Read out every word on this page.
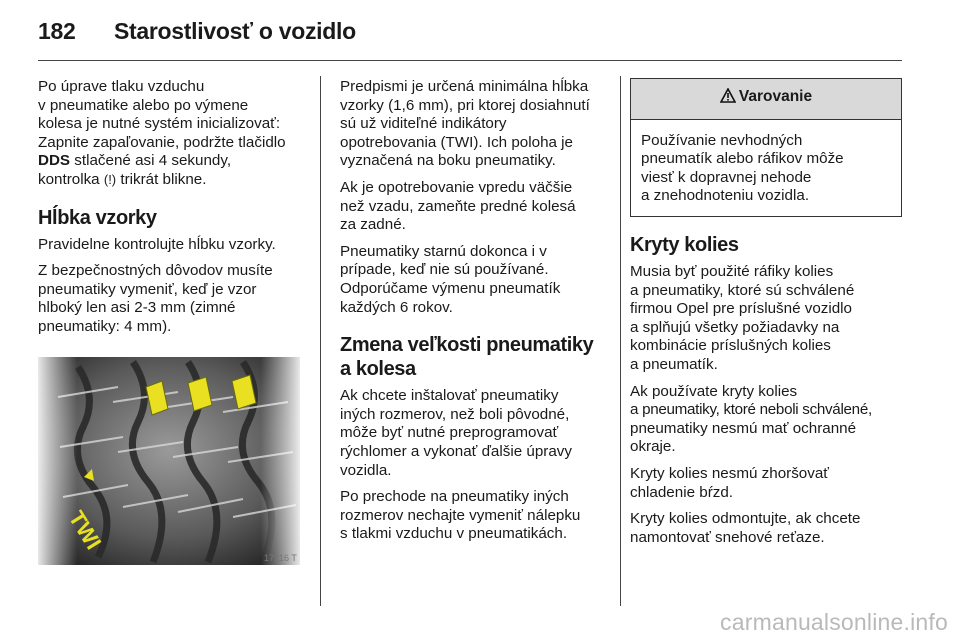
182 Starostlivosť o vozidlo

Po úprave tlaku vzduchu
v pneumatike alebo po výmene
kolesa je nutné systém inicializovať:
Zapnite zapaľovanie, podržte tlačidlo
DDS stlačené asi 4 sekundy,
kontrolka (!) trikrát blikne.

Hĺbka vzorky

Pravidelne kontrolujte hĺbku vzorky.

Z bezpečnostných dôvodov musíte
pneumatiky vymeniť, keď je vzor
hlboký len asi 2-3 mm (zimné
pneumatiky: 4 mm).

TWI
17216 T

Predpismi je určená minimálna hĺbka
vzorky (1,6 mm), pri ktorej dosiahnutí
sú už viditeľné indikátory
opotrebovania (TWI). Ich poloha je
vyznačená na boku pneumatiky.

Ak je opotrebovanie vpredu väčšie
než vzadu, zameňte predné kolesá
za zadné.

Pneumatiky starnú dokonca i v
prípade, keď nie sú používané.
Odporúčame výmenu pneumatík
každých 6 rokov.

Zmena veľkosti pneumatiky
a kolesa

Ak chcete inštalovať pneumatiky
iných rozmerov, než boli pôvodné,
môže byť nutné preprogramovať
rýchlomer a vykonať ďalšie úpravy
vozidla.

Po prechode na pneumatiky iných
rozmerov nechajte vymeniť nálepku
s tlakmi vzduchu v pneumatikách.

Varovanie

Používanie nevhodných
pneumatík alebo ráfikov môže
viesť k dopravnej nehode
a znehodnoteniu vozidla.

Kryty kolies

Musia byť použité ráfiky kolies
a pneumatiky, ktoré sú schválené
firmou Opel pre príslušné vozidlo
a splňujú všetky požiadavky na
kombinácie príslušných kolies
a pneumatík.

Ak používate kryty kolies
a pneumatiky, ktoré neboli schválené,
pneumatiky nesmú mať ochranné
okraje.

Kryty kolies nesmú zhoršovať
chladenie bŕzd.

Kryty kolies odmontujte, ak chcete
namontovať snehové reťaze.

carmanualsonline.info
